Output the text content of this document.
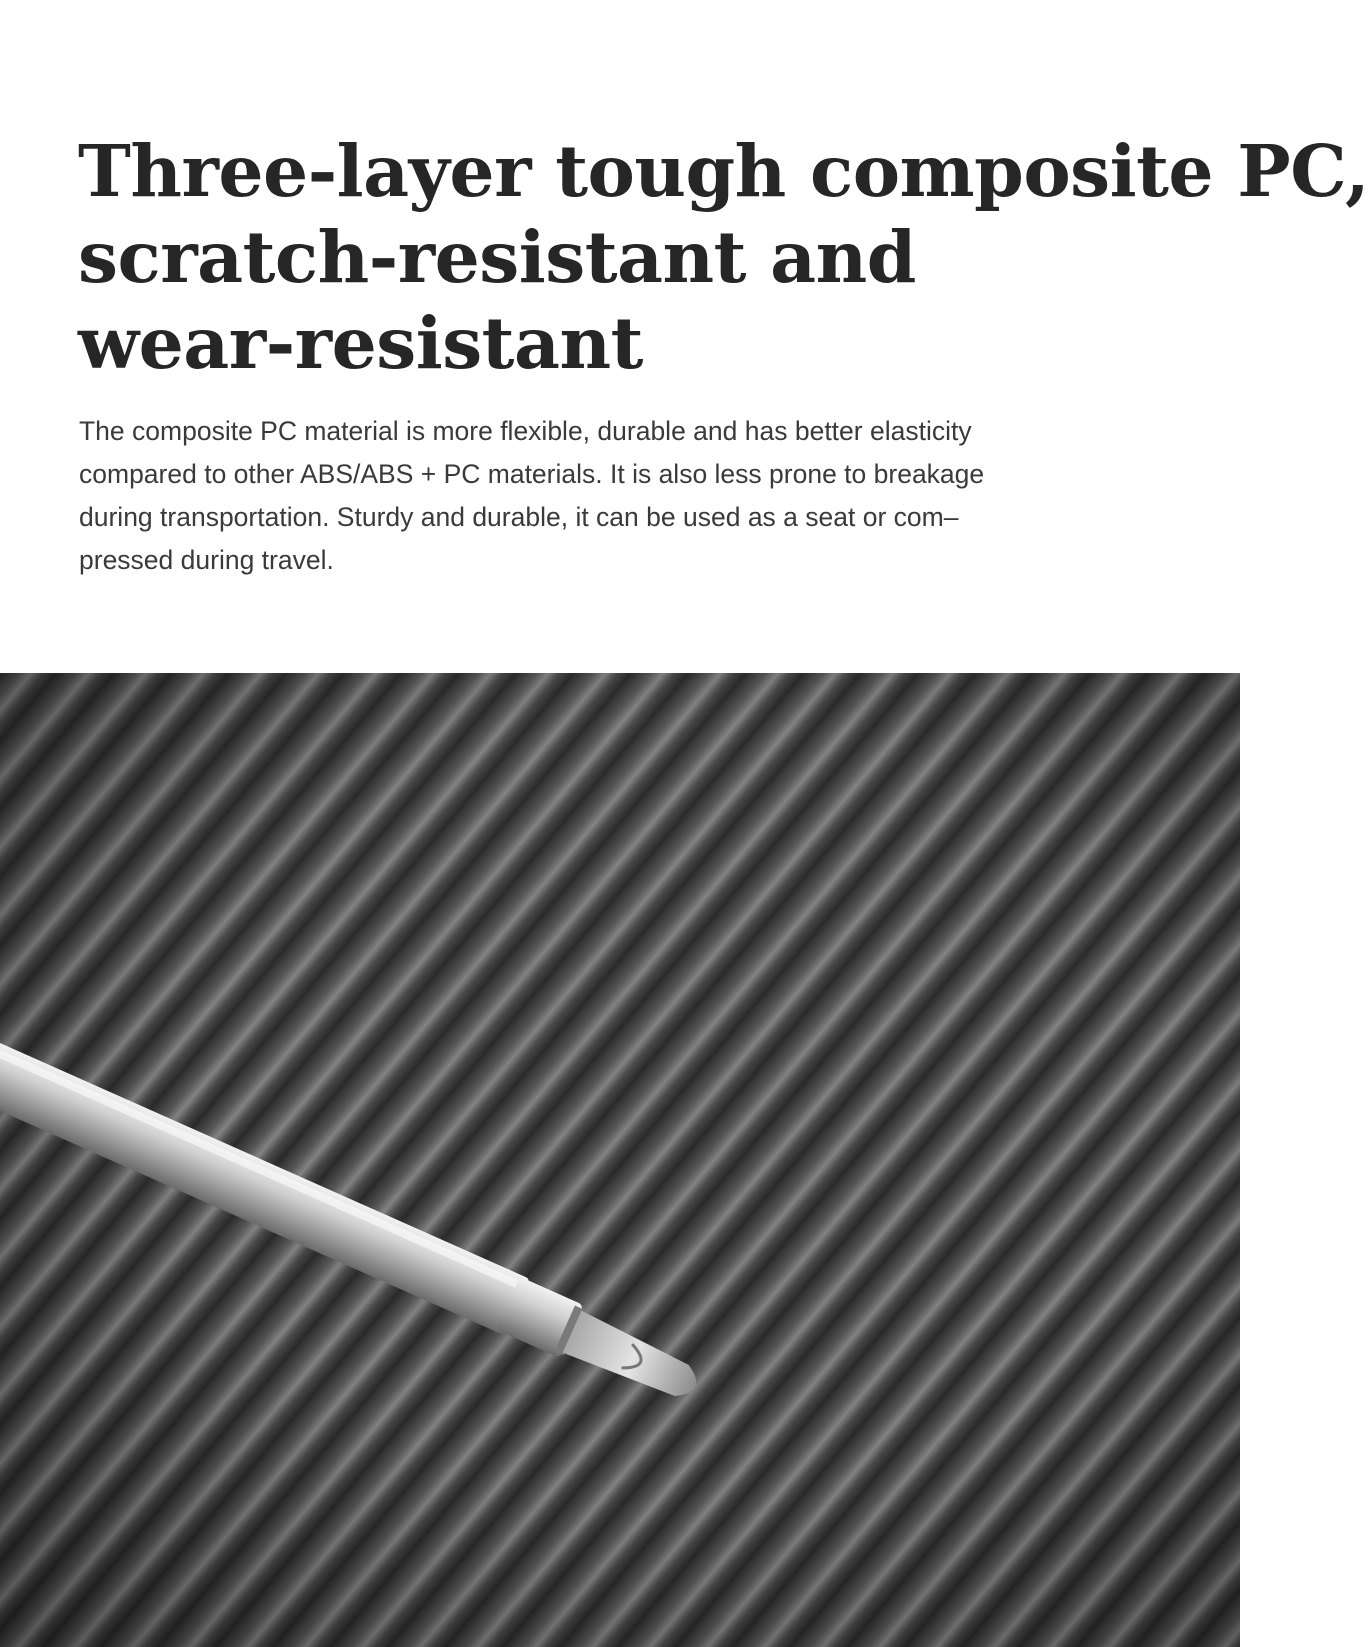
Three-layer tough composite PC,
scratch-resistant and
wear-resistant

The composite PC material is more flexible, durable and has better elasticity
compared to other ABS/ABS + PC materials. It is also less prone to breakage
during transportation. Sturdy and durable, it can be used as a seat or com–
pressed during travel.
